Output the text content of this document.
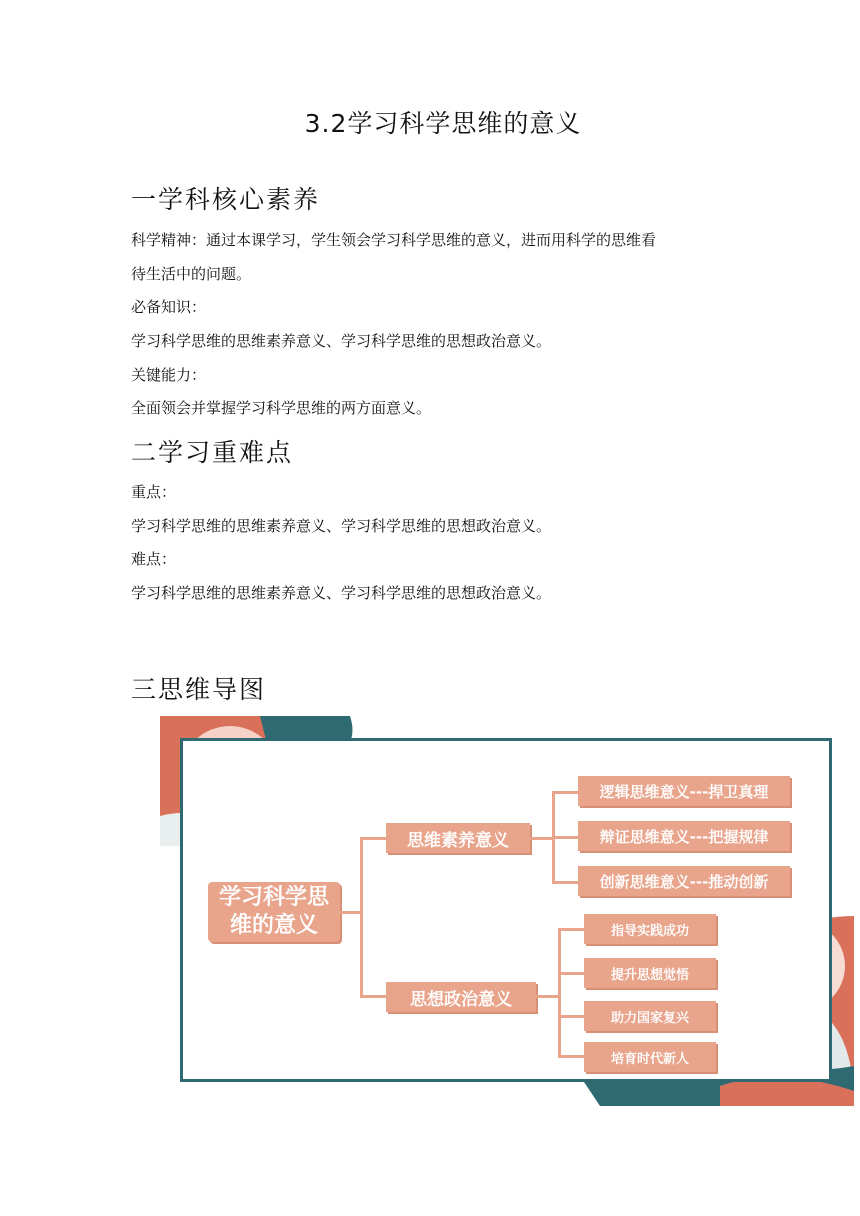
3.2学习科学思维的意义
一学科核心素养
科学精神：通过本课学习，学生领会学习科学思维的意义，进而用科学的思维看
待生活中的问题。
必备知识：
学习科学思维的思维素养意义、学习科学思维的思想政治意义。
关键能力：
全面领会并掌握学习科学思维的两方面意义。
二学习重难点
重点：
学习科学思维的思维素养意义、学习科学思维的思想政治意义。
难点：
学习科学思维的思维素养意义、学习科学思维的思想政治意义。
三思维导图
学习科学思
维的意义
思维素养意义
逻辑思维意义---捍卫真理
辩证思维意义---把握规律
创新思维意义---推动创新
思想政治意义
指导实践成功
提升思想觉悟
助力国家复兴
培育时代新人
